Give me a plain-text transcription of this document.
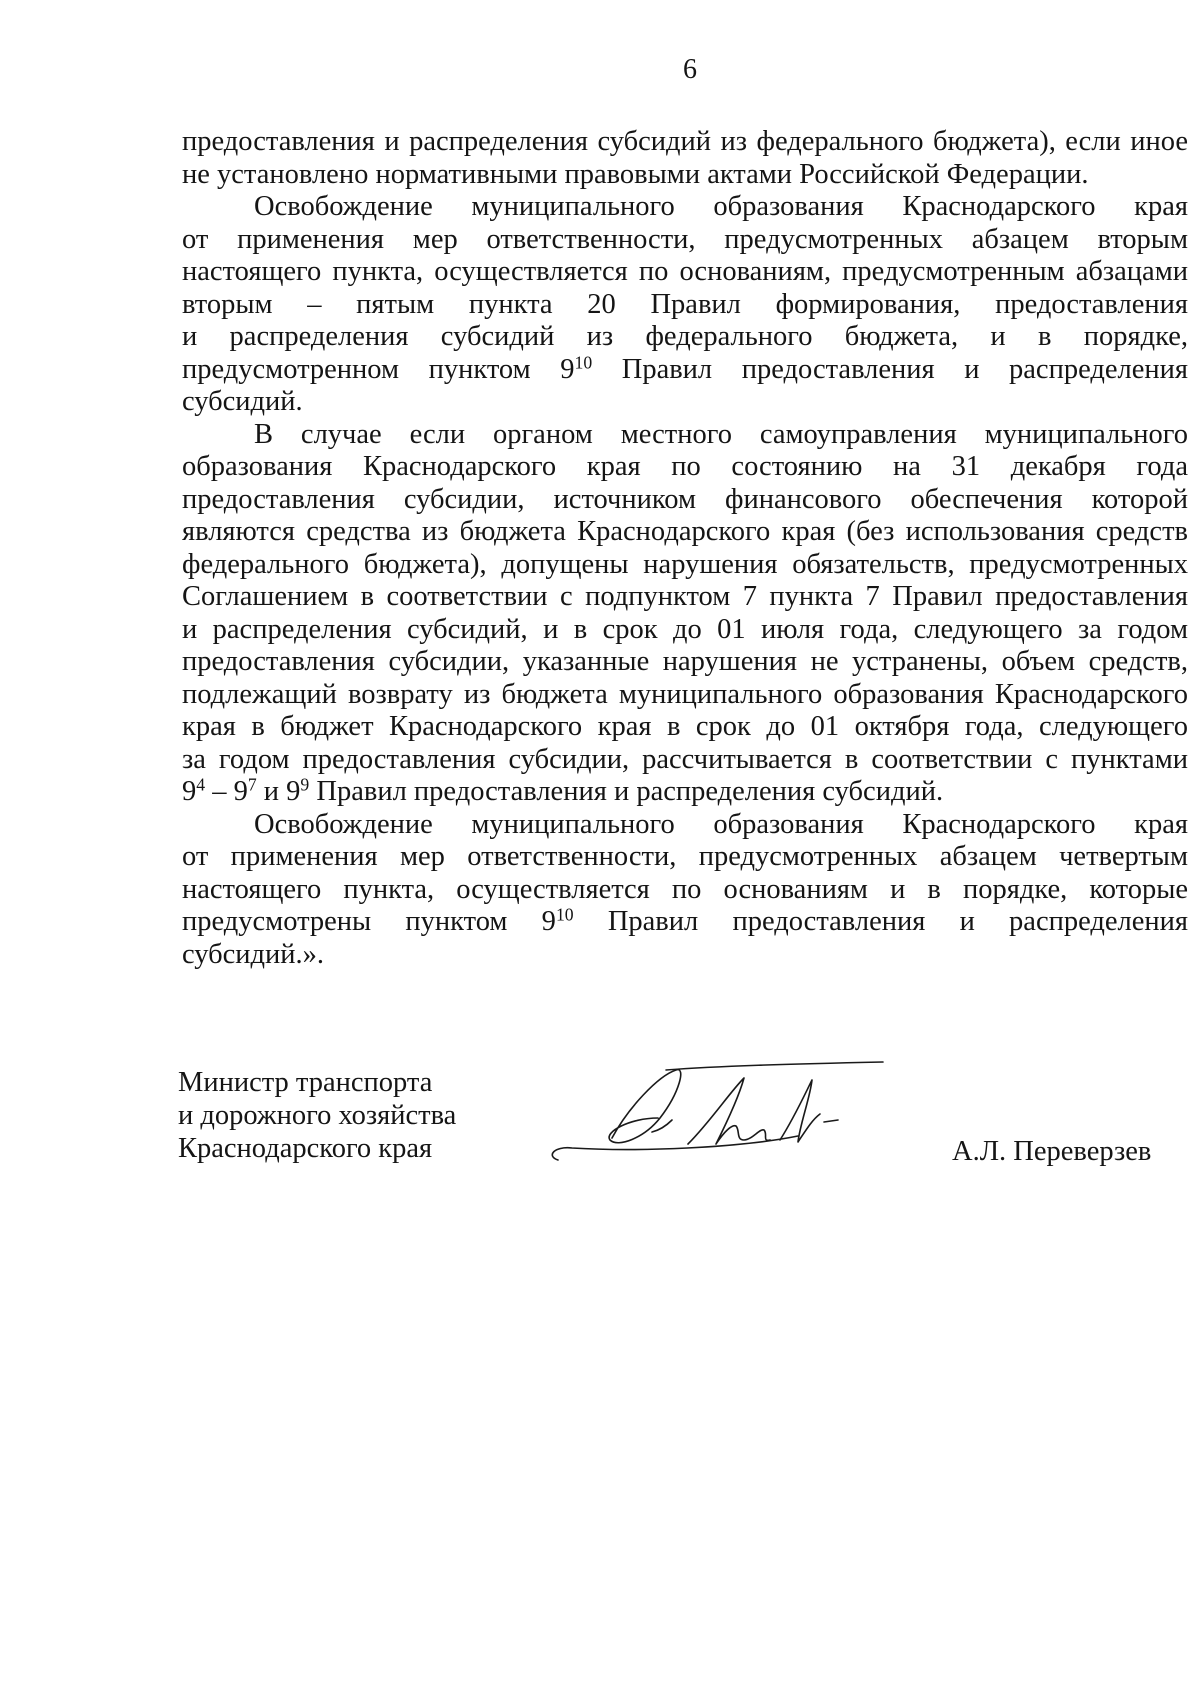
6
предоставления и распределения субсидий из федерального бюджета), если иное
не установлено нормативными правовыми актами Российской Федерации.
Освобождение муниципального образования Краснодарского края
от применения мер ответственности, предусмотренных абзацем вторым
настоящего пункта, осуществляется по основаниям, предусмотренным абзацами
вторым – пятым пункта 20 Правил формирования, предоставления
и распределения субсидий из федерального бюджета, и в порядке,
предусмотренном пунктом $9^{10}$ Правил предоставления и распределения
субсидий.
В случае если органом местного самоуправления муниципального
образования Краснодарского края по состоянию на 31 декабря года
предоставления субсидии, источником финансового обеспечения которой
являются средства из бюджета Краснодарского края (без использования средств
федерального бюджета), допущены нарушения обязательств, предусмотренных
Соглашением в соответствии с подпунктом 7 пункта 7 Правил предоставления
и распределения субсидий, и в срок до 01 июля года, следующего за годом
предоставления субсидии, указанные нарушения не устранены, объем средств,
подлежащий возврату из бюджета муниципального образования Краснодарского
края в бюджет Краснодарского края в срок до 01 октября года, следующего
за годом предоставления субсидии, рассчитывается в соответствии с пунктами
$9^4 - 9^7$ и $9^9$ Правил предоставления и распределения субсидий.
Освобождение муниципального образования Краснодарского края
от применения мер ответственности, предусмотренных абзацем четвертым
настоящего пункта, осуществляется по основаниям и в порядке, которые
предусмотрены пунктом $9^{10}$ Правил предоставления и распределения
субсидий.».
Министр транспорта
и дорожного хозяйства
Краснодарского края	А.Л. Переверзев
